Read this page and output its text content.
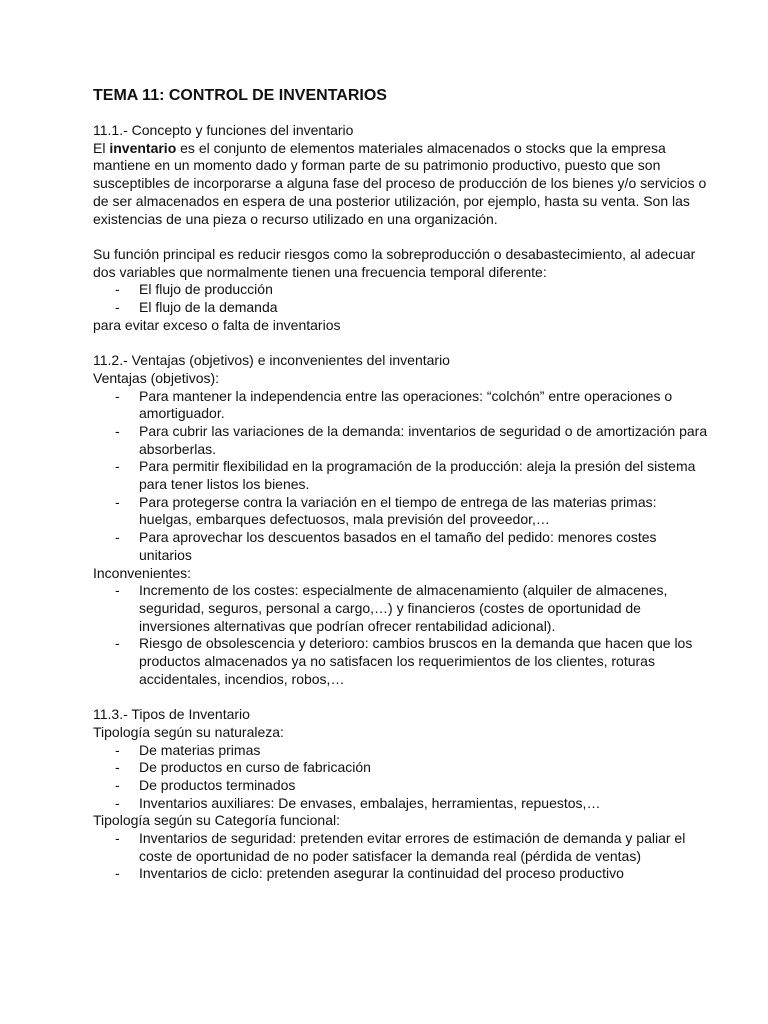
TEMA 11: CONTROL DE INVENTARIOS

11.1.- Concepto y funciones del inventario

El inventario es el conjunto de elementos materiales almacenados o stocks que la empresa mantiene en un momento dado y forman parte de su patrimonio productivo, puesto que son susceptibles de incorporarse a alguna fase del proceso de producción de los bienes y/o servicios o de ser almacenados en espera de una posterior utilización, por ejemplo, hasta su venta. Son las existencias de una pieza o recurso utilizado en una organización.

Su función principal es reducir riesgos como la sobreproducción o desabastecimiento, al adecuar dos variables que normalmente tienen una frecuencia temporal diferente:

- El flujo de producción
- El flujo de la demanda

para evitar exceso o falta de inventarios

11.2.- Ventajas (objetivos) e inconvenientes del inventario

Ventajas (objetivos):

- Para mantener la independencia entre las operaciones: “colchón” entre operaciones o amortiguador.
- Para cubrir las variaciones de la demanda: inventarios de seguridad o de amortización para absorberlas.
- Para permitir flexibilidad en la programación de la producción: aleja la presión del sistema para tener listos los bienes.
- Para protegerse contra la variación en el tiempo de entrega de las materias primas: huelgas, embarques defectuosos, mala previsión del proveedor,…
- Para aprovechar los descuentos basados en el tamaño del pedido: menores costes unitarios

Inconvenientes:

- Incremento de los costes: especialmente de almacenamiento (alquiler de almacenes, seguridad, seguros, personal a cargo,…) y financieros (costes de oportunidad de inversiones alternativas que podrían ofrecer rentabilidad adicional).
- Riesgo de obsolescencia y deterioro: cambios bruscos en la demanda que hacen que los productos almacenados ya no satisfacen los requerimientos de los clientes, roturas accidentales, incendios, robos,…

11.3.- Tipos de Inventario

Tipología según su naturaleza:

- De materias primas
- De productos en curso de fabricación
- De productos terminados
- Inventarios auxiliares: De envases, embalajes, herramientas, repuestos,…

Tipología según su Categoría funcional:

- Inventarios de seguridad: pretenden evitar errores de estimación de demanda y paliar el coste de oportunidad de no poder satisfacer la demanda real (pérdida de ventas)
- Inventarios de ciclo: pretenden asegurar la continuidad del proceso productivo
